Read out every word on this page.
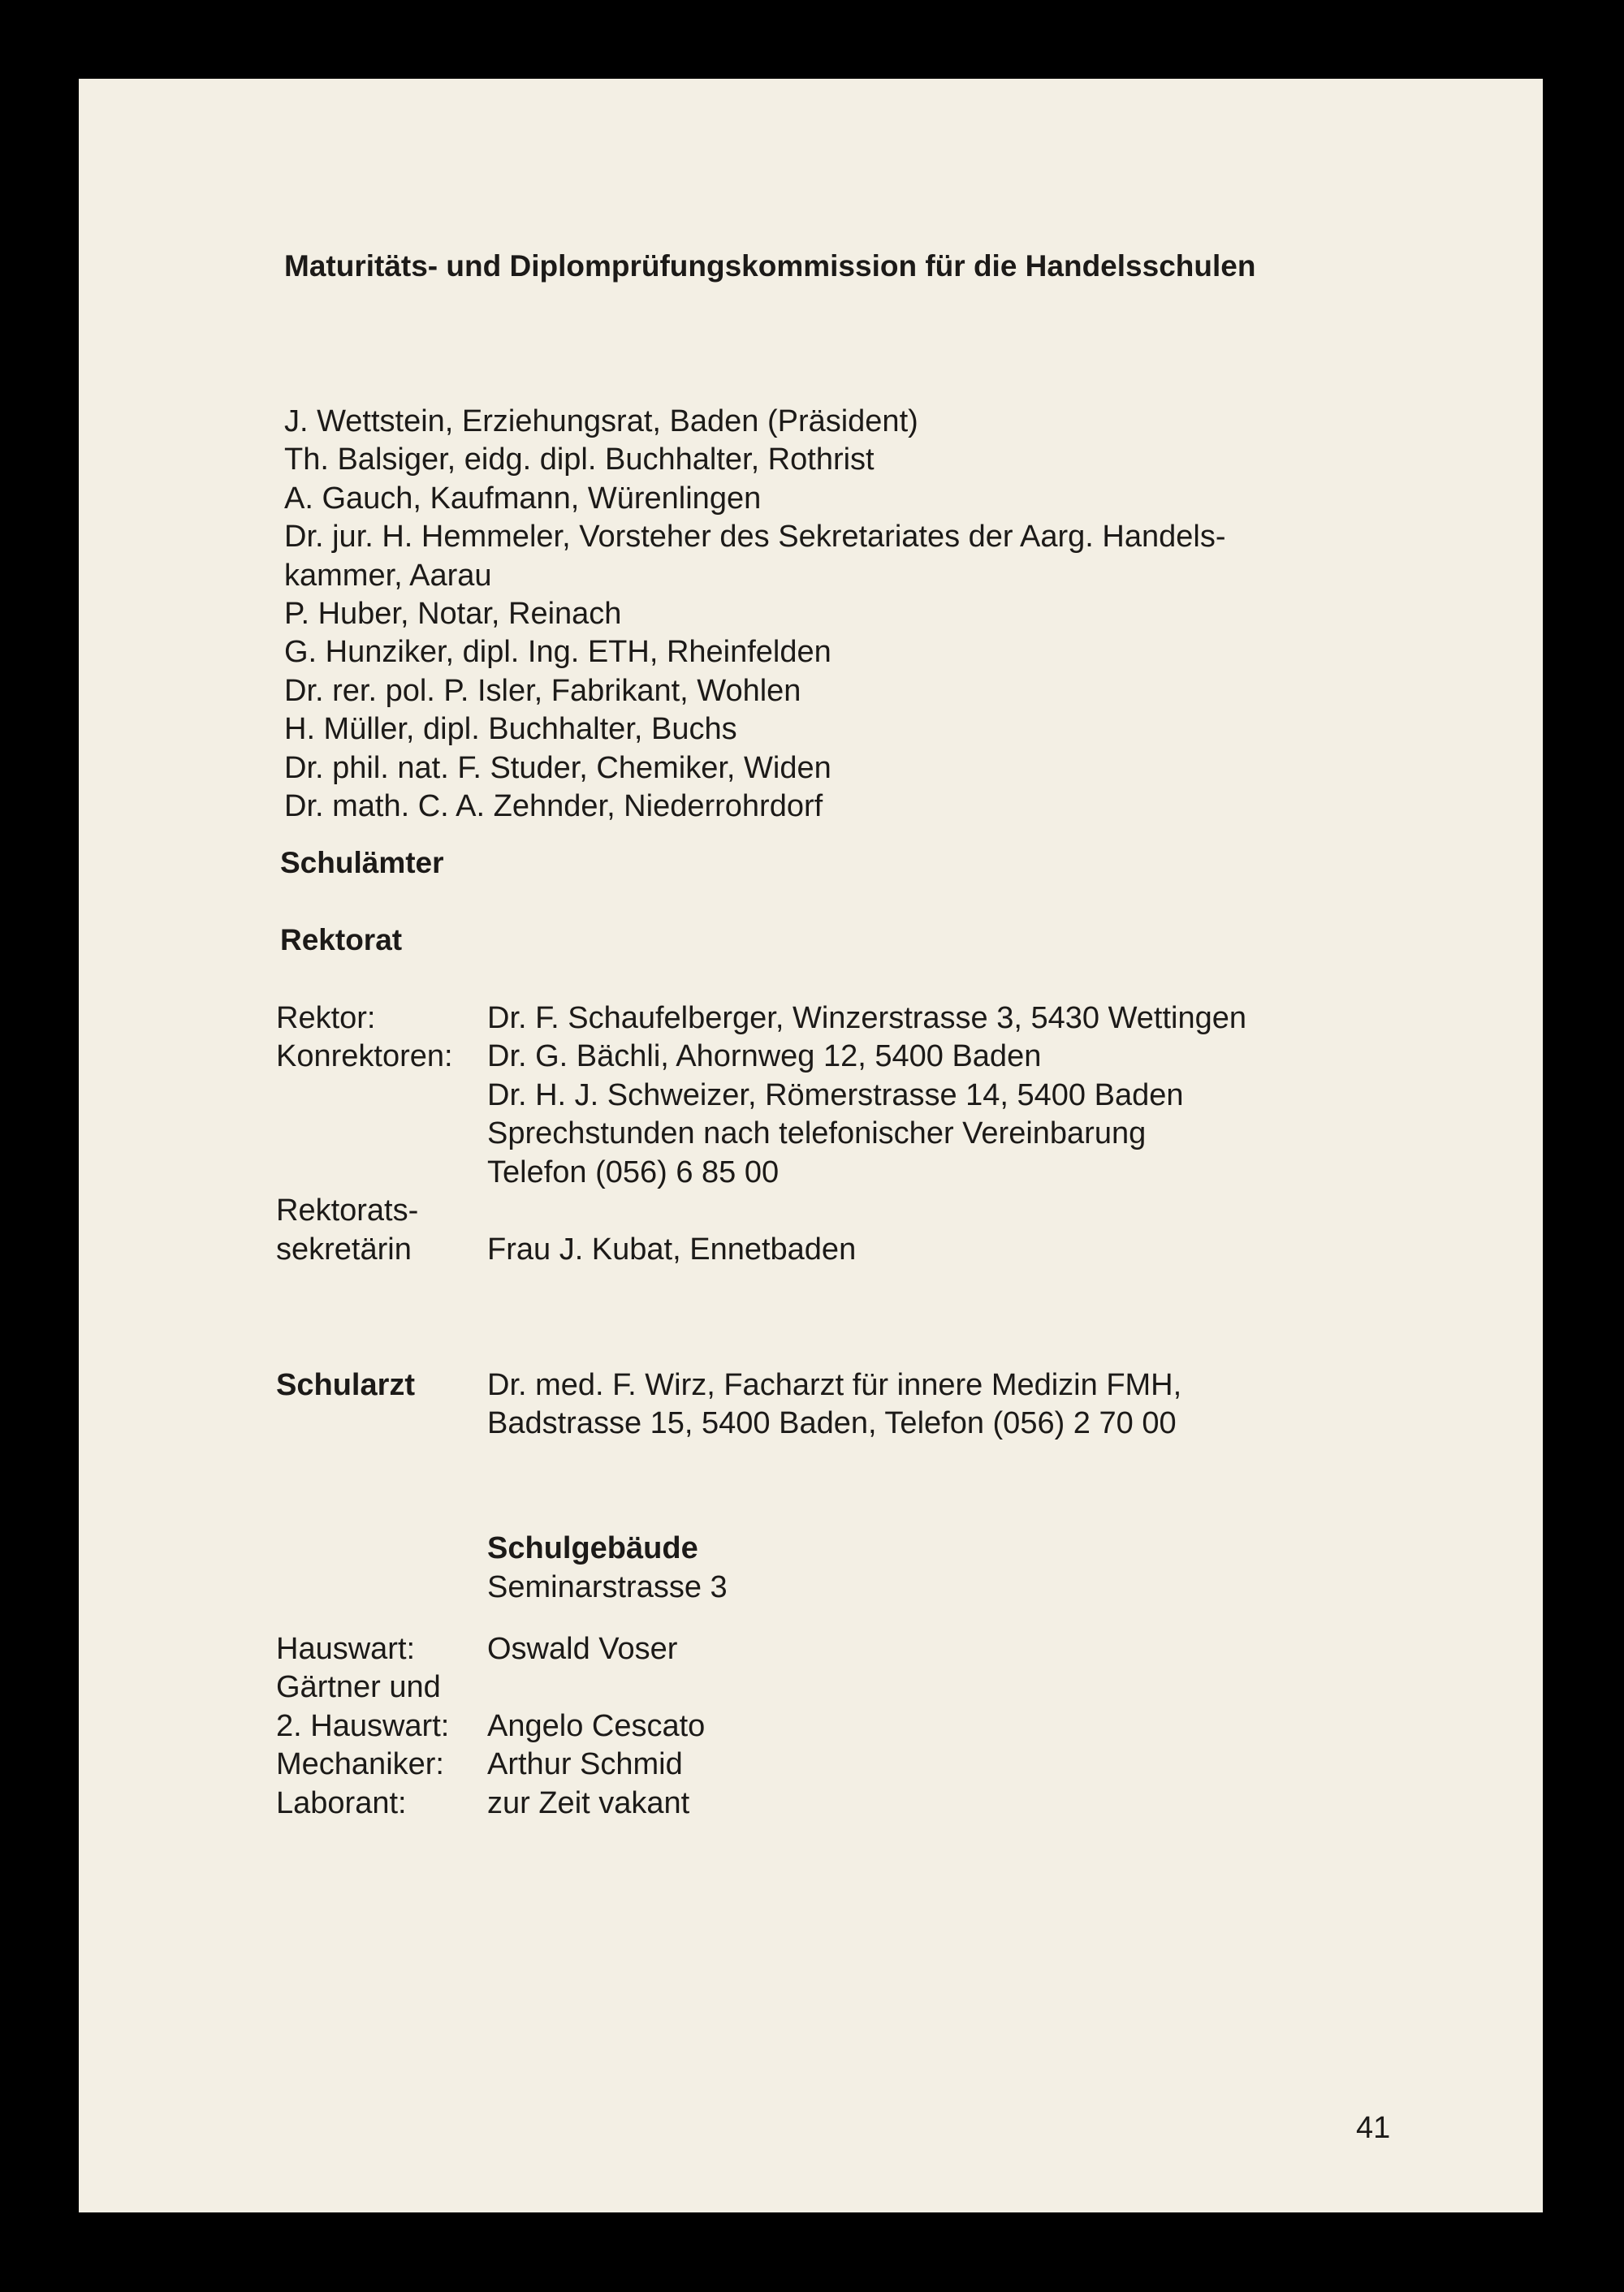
Maturitäts- und Diplomprüfungskommission für die Handelsschulen
J. Wettstein, Erziehungsrat, Baden (Präsident)
Th. Balsiger, eidg. dipl. Buchhalter, Rothrist
A. Gauch, Kaufmann, Würenlingen
Dr. jur. H. Hemmeler, Vorsteher des Sekretariates der Aarg. Handels-
kammer, Aarau
P. Huber, Notar, Reinach
G. Hunziker, dipl. Ing. ETH, Rheinfelden
Dr. rer. pol. P. Isler, Fabrikant, Wohlen
H. Müller, dipl. Buchhalter, Buchs
Dr. phil. nat. F. Studer, Chemiker, Widen
Dr. math. C. A. Zehnder, Niederrohrdorf
Schulämter
Rektorat
Rektor:	Dr. F. Schaufelberger, Winzerstrasse 3, 5430 Wettingen
Konrektoren: Dr. G. Bächli, Ahornweg 12, 5400 Baden
Dr. H. J. Schweizer, Römerstrasse 14, 5400 Baden
Sprechstunden nach telefonischer Vereinbarung
Telefon (056) 6 85 00
Rektorats-
sekretärin Frau J. Kubat, Ennetbaden
Schularzt Dr. med. F. Wirz, Facharzt für innere Medizin FMH,
Badstrasse 15, 5400 Baden, Telefon (056) 2 70 00
Schulgebäude
Seminarstrasse 3
Hauswart: Oswald Voser
Gärtner und
2. Hauswart: Angelo Cescato
Mechaniker: Arthur Schmid
Laborant:	zur Zeit vakant
41
